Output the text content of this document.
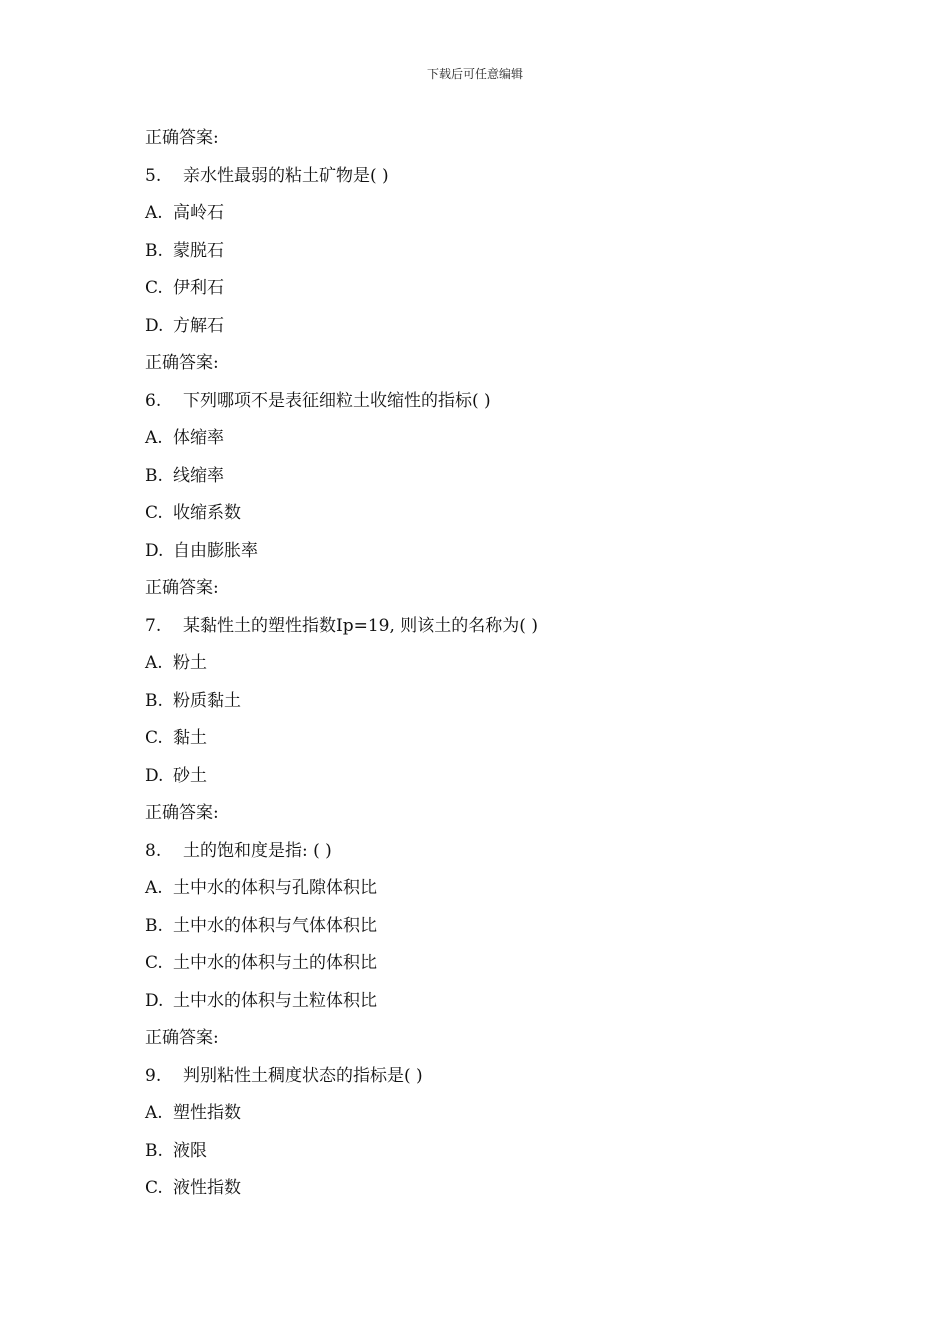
下载后可任意编辑
正确答案:
5. 亲水性最弱的粘土矿物是( )
A. 高岭石
B. 蒙脱石
C. 伊利石
D. 方解石
正确答案:
6. 下列哪项不是表征细粒土收缩性的指标( )
A. 体缩率
B. 线缩率
C. 收缩系数
D. 自由膨胀率
正确答案:
7. 某黏性土的塑性指数Ip=19, 则该土的名称为( )
A. 粉土
B. 粉质黏土
C. 黏土
D. 砂土
正确答案:
8. 土的饱和度是指: ( )
A. 土中水的体积与孔隙体积比
B. 土中水的体积与气体体积比
C. 土中水的体积与土的体积比
D. 土中水的体积与土粒体积比
正确答案:
9. 判别粘性土稠度状态的指标是( )
A. 塑性指数
B. 液限
C. 液性指数
